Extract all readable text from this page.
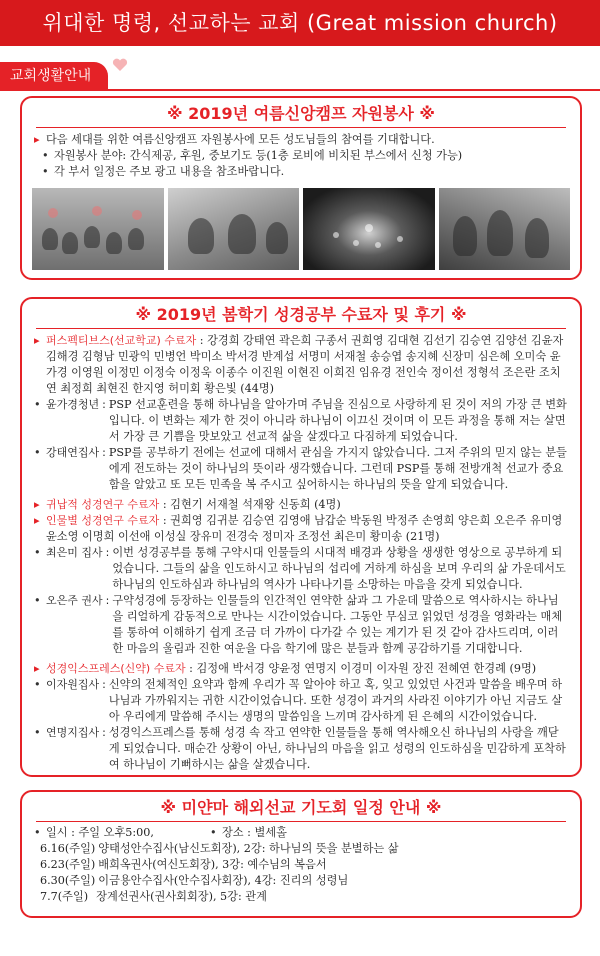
위대한 명령, 선교하는 교회 (Great mission church)
교회생활안내
※ 2019년 여름신앙캠프 자원봉사 ※
▸ 다음 세대를 위한 여름신앙캠프 자원봉사에 모든 성도님들의 참여를 기대합니다.
• 자원봉사 분야: 간식제공, 후원, 중보기도 등(1층 로비에 비치된 부스에서 신청 가능)
• 각 부서 일정은 주보 광고 내용을 참조바랍니다.
※ 2019년 봄학기 성경공부 수료자 및 후기 ※
▸ 퍼스펙티브스(선교학교) 수료자 : 강경희 강태연 곽은희 구종서 권희영 김대현 김선기 김승연 김양선 김윤자 김해경 김형남 민광익 민병언 박미소 박서경 반계섭 서명미 서재철 송승엽 송지혜 신장미 심은혜 오미숙 윤가경 이영원 이정민 이정숙 이정욱 이종수 이진원 이현진 이희진 임유경 전인숙 정이선 정형석 조은란 조치연 최정희 최현진 한지영 허미회 황은빛 (44명)
• 윤가경청년 : PSP 선교훈련을 통해 하나님을 알아가며 주님을 진심으로 사랑하게 된 것이 저의 가장 큰 변화입니다. 이 변화는 제가 한 것이 아니라 하나님이 이끄신 것이며 이 모든 과정을 통해 저는 살면서 가장 큰 기쁨을 맛보았고 선교적 삶을 살겠다고 다짐하게 되었습니다.
• 강태연집사 : PSP를 공부하기 전에는 선교에 대해서 관심을 가지지 않았습니다. 그저 주위의 믿지 않는 분들에게 전도하는 것이 하나님의 뜻이라 생각했습니다. 그런데 PSP를 통해 전방개척 선교가 중요함을 알았고 또 모든 민족을 복 주시고 싶어하시는 하나님의 뜻을 알게 되었습니다.
▸ 귀납적 성경연구 수료자 : 김현기 서재철 석재왕 신동희 (4명)
▸ 인물별 성경연구 수료자 : 권희영 김귀분 김승연 김영애 남갑순 박동원 박정주 손영희 양은희 오은주 유미영 윤소영 이명희 이선애 이성실 장유미 전경숙 정미자 조정선 최은미 황미송 (21명)
• 최은미 집사 : 이번 성경공부를 통해 구약시대 인물들의 시대적 배경과 상황을 생생한 영상으로 공부하게 되었습니다. 그들의 삶을 인도하시고 하나님의 섭리에 거하게 하심을 보며 우리의 삶 가운데서도 하나님의 인도하심과 하나님의 역사가 나타나기를 소망하는 마음을 갖게 되었습니다.
• 오은주 권사 : 구약성경에 등장하는 인물들의 인간적인 연약한 삶과 그 가운데 말씀으로 역사하시는 하나님을 리얼하게 감동적으로 만나는 시간이었습니다. 그동안 무심코 읽었던 성경을 영화라는 매체를 통하여 이해하기 쉽게 조금 더 가까이 다가갈 수 있는 계기가 된 것 같아 감사드리며, 이러한 마음의 울림과 진한 여운을 다음 학기에 많은 분들과 함께 공감하기를 기대합니다.
▸ 성경익스프레스(신약) 수료자 : 김정애 박서경 양윤정 연명지 이경미 이자원 장진 전혜연 한경례 (9명)
• 이자원집사 : 신약의 전체적인 요약과 함께 우리가 꼭 알아야 하고 혹, 잊고 있었던 사건과 말씀을 배우며 하나님과 가까워지는 귀한 시간이었습니다. 또한 성경이 과거의 사라진 이야기가 아닌 지금도 살아 우리에게 말씀해 주시는 생명의 말씀임을 느끼며 감사하게 된 은혜의 시간이었습니다.
• 연명지집사 : 성경익스프레스를 통해 성경 속 작고 연약한 인물들을 통해 역사해오신 하나님의 사랑을 깨닫게 되었습니다. 매순간 상황이 아닌, 하나님의 마음을 읽고 성령의 인도하심을 민감하게 포착하여 하나님이 기뻐하시는 삶을 살겠습니다.
※ 미얀마 해외선교 기도회 일정 안내 ※
• 일시 : 주일 오후5:00,	• 장소 : 별세홀
6.16(주일) 양태성안수집사(남신도회장), 2강: 하나님의 뜻을 분별하는 삶
6.23(주일) 배희옥권사(여신도회장), 3강: 예수님의 복음서
6.30(주일) 이금용안수집사(안수집사회장), 4강: 진리의 성령님
7.7(주일) 장계선권사(권사회회장), 5강: 관계
